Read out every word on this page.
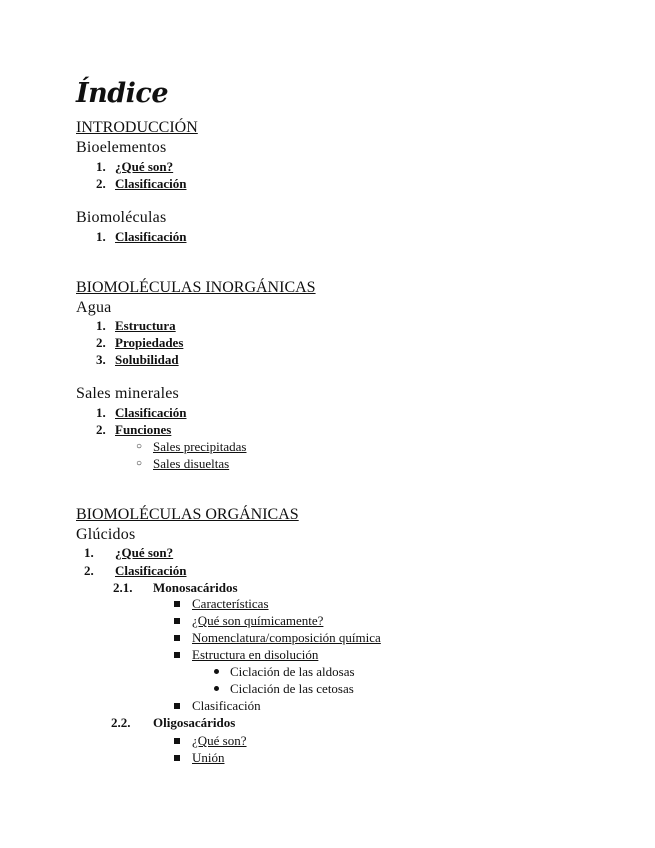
Índice
INTRODUCCIÓN
Bioelementos
1. ¿Qué son?
2. Clasificación
Biomoléculas
1. Clasificación
BIOMOLÉCULAS INORGÁNICAS
Agua
1. Estructura
2. Propiedades
3. Solubilidad
Sales minerales
1. Clasificación
2. Funciones
○ Sales precipitadas
○ Sales disueltas
BIOMOLÉCULAS ORGÁNICAS
Glúcidos
1. ¿Qué son?
2. Clasificación
2.1. Monosacáridos
Características
¿Qué son químicamente?
Nomenclatura/composición química
Estructura en disolución
Ciclación de las aldosas
Ciclación de las cetosas
Clasificación
2.2. Oligosacáridos
¿Qué son?
Unión
